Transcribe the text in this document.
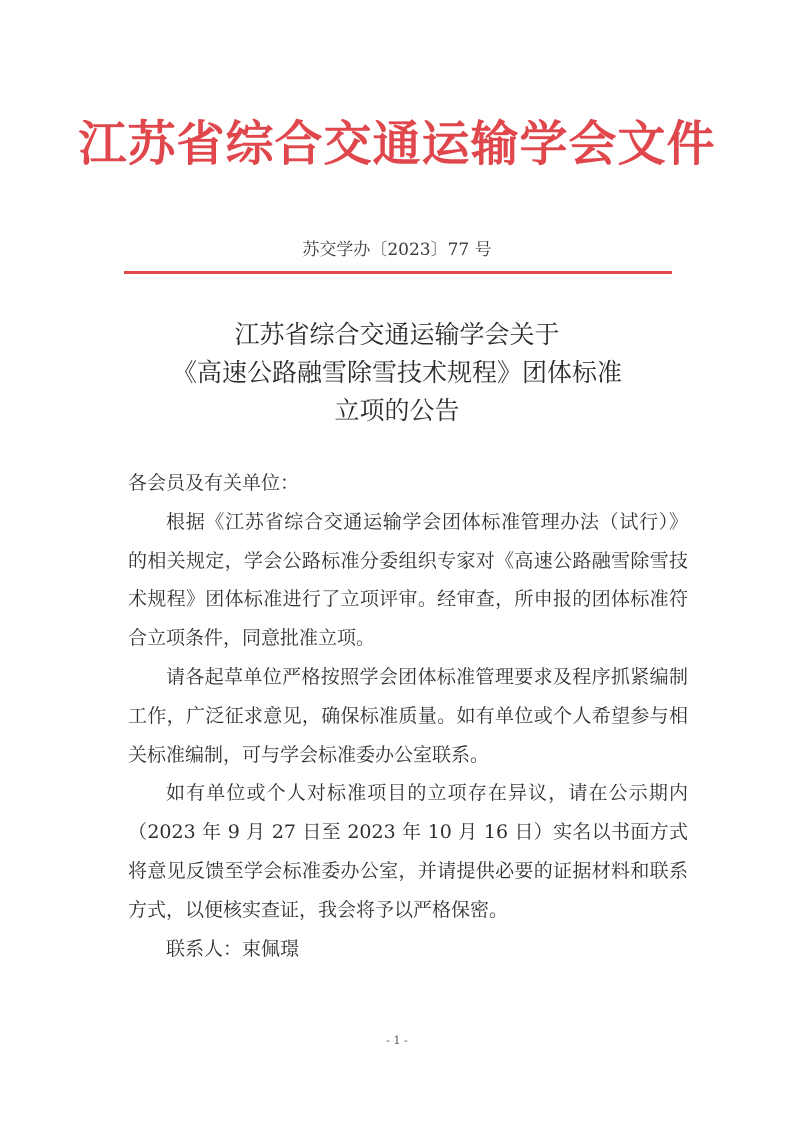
江苏省综合交通运输学会文件
苏交学办〔2023〕77 号
江苏省综合交通运输学会关于
《高速公路融雪除雪技术规程》团体标准
立项的公告

各会员及有关单位：

根据《江苏省综合交通运输学会团体标准管理办法（试行）》的相关规定，学会公路标准分委组织专家对《高速公路融雪除雪技术规程》团体标准进行了立项评审。经审查，所申报的团体标准符合立项条件，同意批准立项。

请各起草单位严格按照学会团体标准管理要求及程序抓紧编制工作，广泛征求意见，确保标准质量。如有单位或个人希望参与相关标准编制，可与学会标准委办公室联系。

如有单位或个人对标准项目的立项存在异议，请在公示期内（2023 年 9 月 27 日至 2023 年 10 月 16 日）实名以书面方式将意见反馈至学会标准委办公室，并请提供必要的证据材料和联系方式，以便核实查证，我会将予以严格保密。

联系人：束佩璟

- 1 -
